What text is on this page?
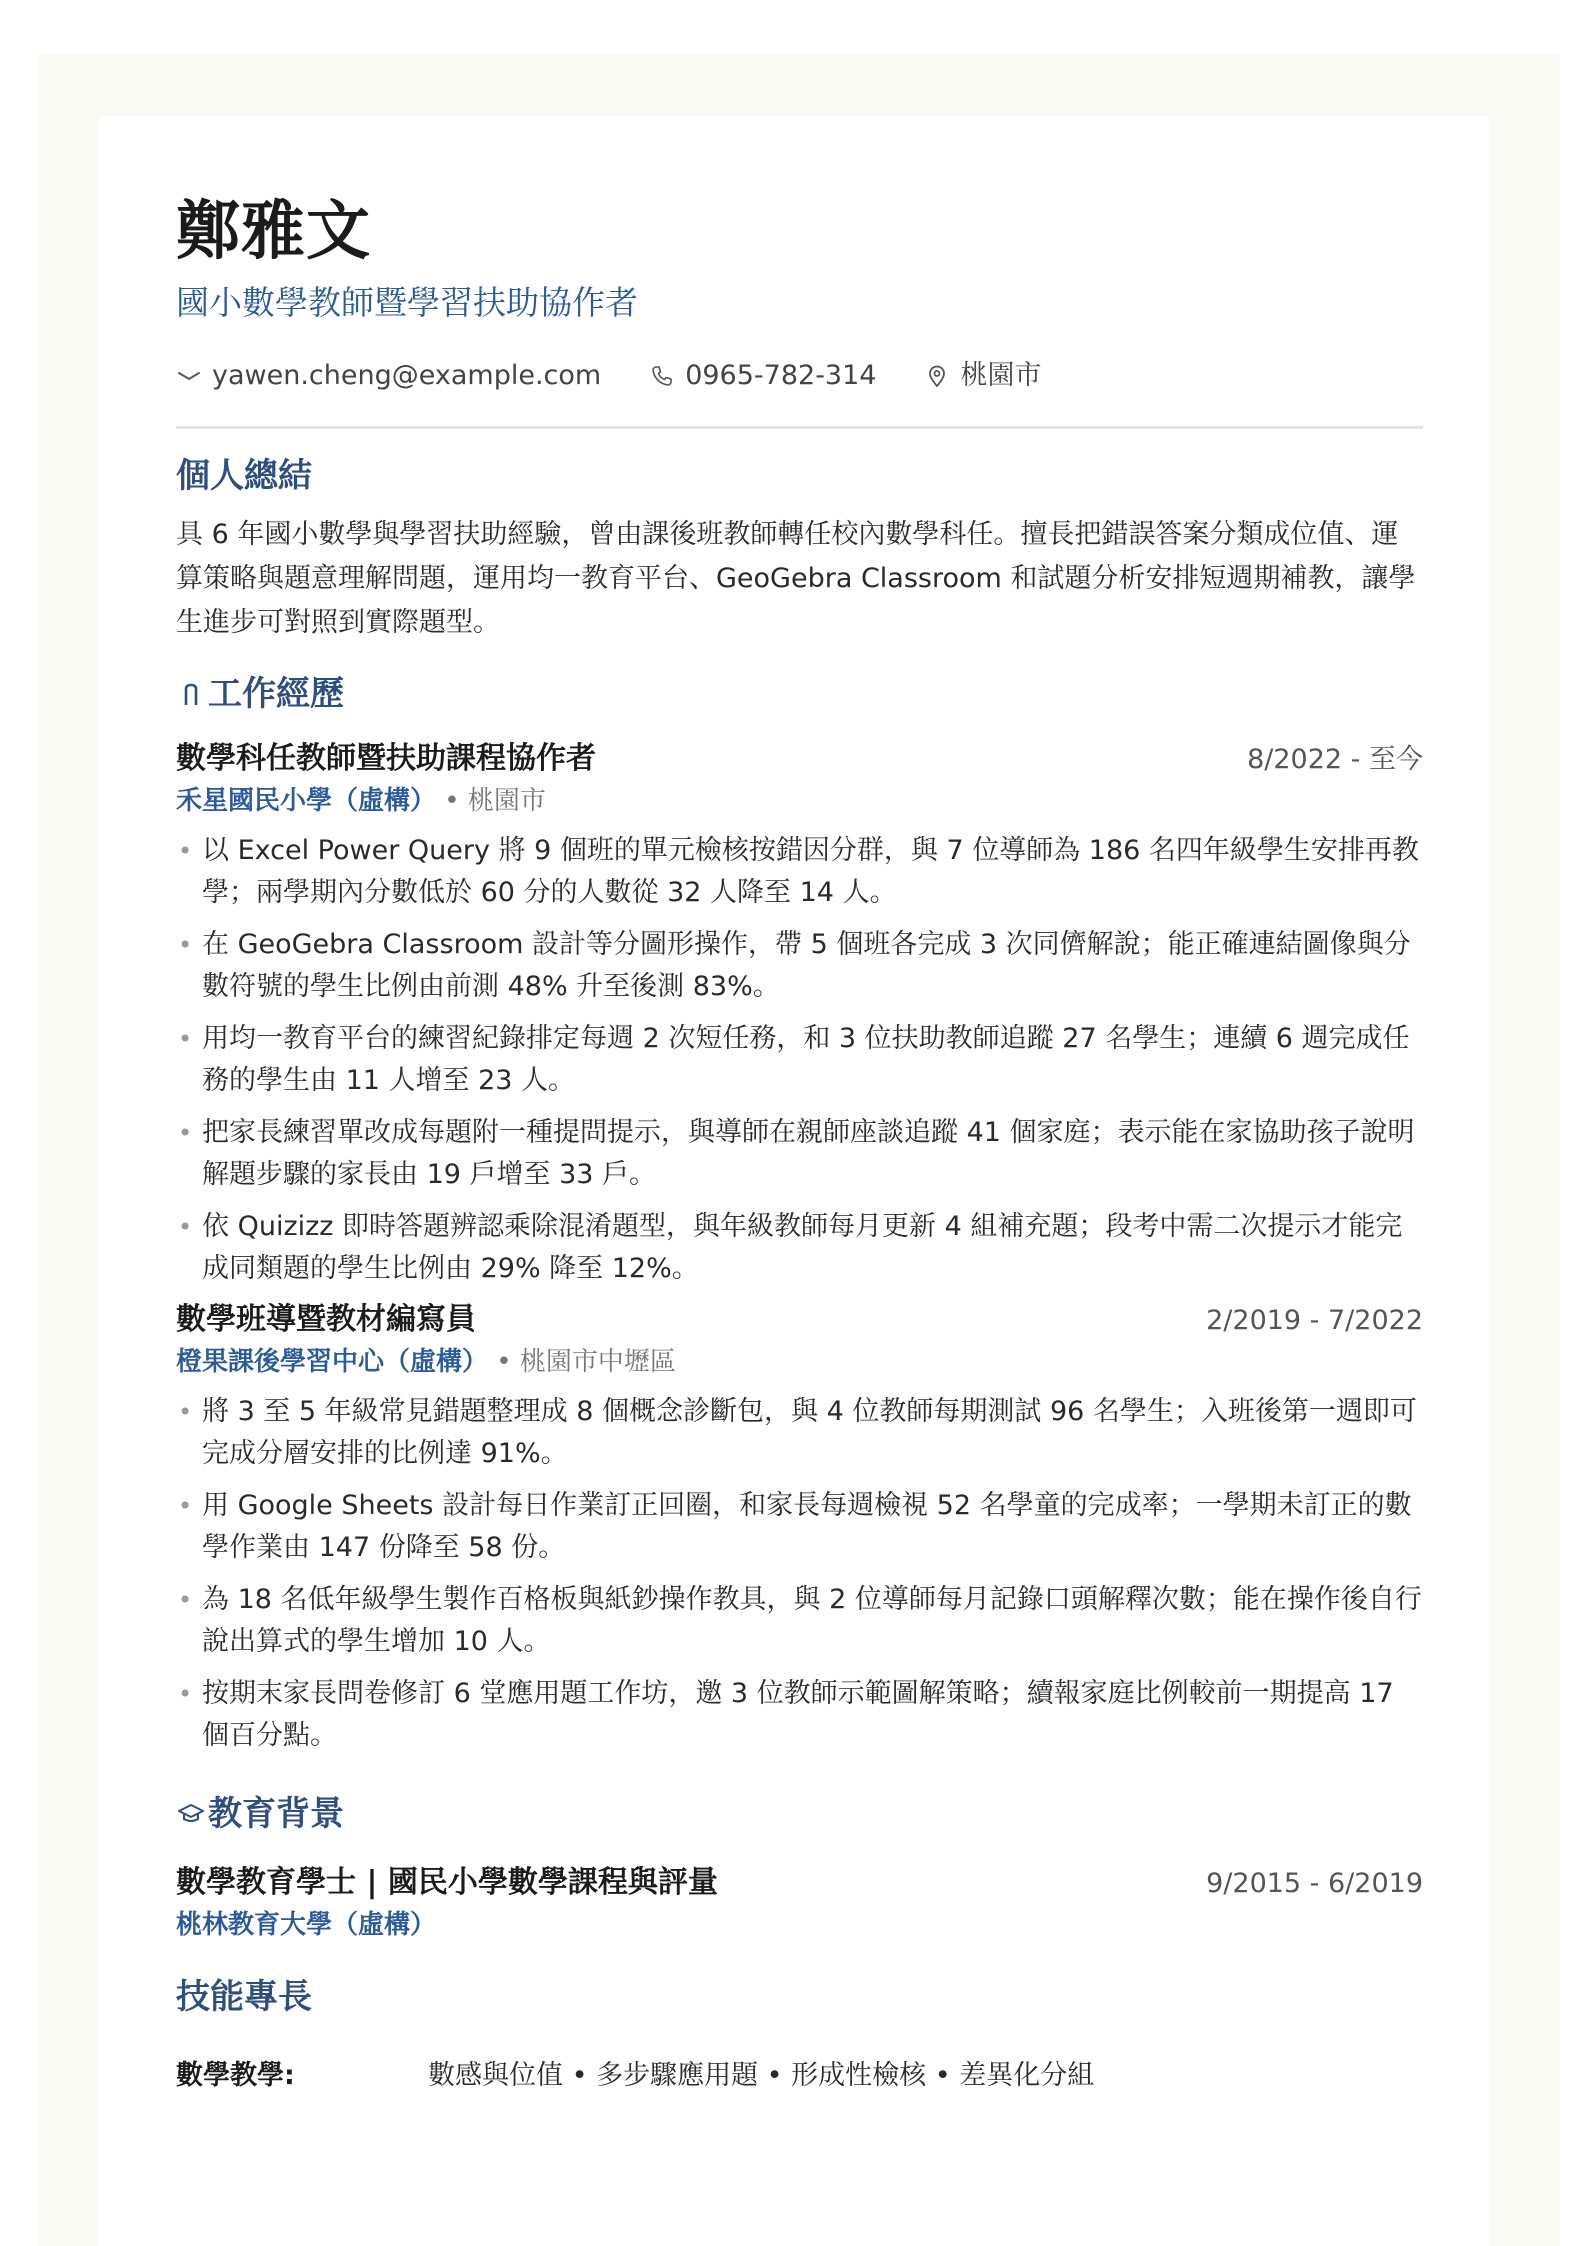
鄭雅文
國小數學教師暨學習扶助協作者
yawen.cheng@example.com	0965-782-314	桃園市
個人總結
具 6 年國小數學與學習扶助經驗，曾由課後班教師轉任校內數學科任。擅長把錯誤答案分類成位值、運算策略與題意理解問題，運用均一教育平台、GeoGebra Classroom 和試題分析安排短週期補教，讓學生進步可對照到實際題型。
工作經歷
數學科任教師暨扶助課程協作者	8/2022 - 至今
禾星國民小學（虛構） • 桃園市
• 以 Excel Power Query 將 9 個班的單元檢核按錯因分群，與 7 位導師為 186 名四年級學生安排再教學；兩學期內分數低於 60 分的人數從 32 人降至 14 人。
• 在 GeoGebra Classroom 設計等分圖形操作，帶 5 個班各完成 3 次同儕解說；能正確連結圖像與分數符號的學生比例由前測 48% 升至後測 83%。
• 用均一教育平台的練習紀錄排定每週 2 次短任務，和 3 位扶助教師追蹤 27 名學生；連續 6 週完成任務的學生由 11 人增至 23 人。
• 把家長練習單改成每題附一種提問提示，與導師在親師座談追蹤 41 個家庭；表示能在家協助孩子說明解題步驟的家長由 19 戶增至 33 戶。
• 依 Quizizz 即時答題辨認乘除混淆題型，與年級教師每月更新 4 組補充題；段考中需二次提示才能完成同類題的學生比例由 29% 降至 12%。
數學班導暨教材編寫員	2/2019 - 7/2022
橙果課後學習中心（虛構） • 桃園市中壢區
• 將 3 至 5 年級常見錯題整理成 8 個概念診斷包，與 4 位教師每期測試 96 名學生；入班後第一週即可完成分層安排的比例達 91%。
• 用 Google Sheets 設計每日作業訂正回圈，和家長每週檢視 52 名學童的完成率；一學期未訂正的數學作業由 147 份降至 58 份。
• 為 18 名低年級學生製作百格板與紙鈔操作教具，與 2 位導師每月記錄口頭解釋次數；能在操作後自行說出算式的學生增加 10 人。
• 按期末家長問卷修訂 6 堂應用題工作坊，邀 3 位教師示範圖解策略；續報家庭比例較前一期提高 17 個百分點。
教育背景
數學教育學士 | 國民小學數學課程與評量	9/2015 - 6/2019
桃林教育大學（虛構）
技能專長
數學教學:	數感與位值 • 多步驟應用題 • 形成性檢核 • 差異化分組
